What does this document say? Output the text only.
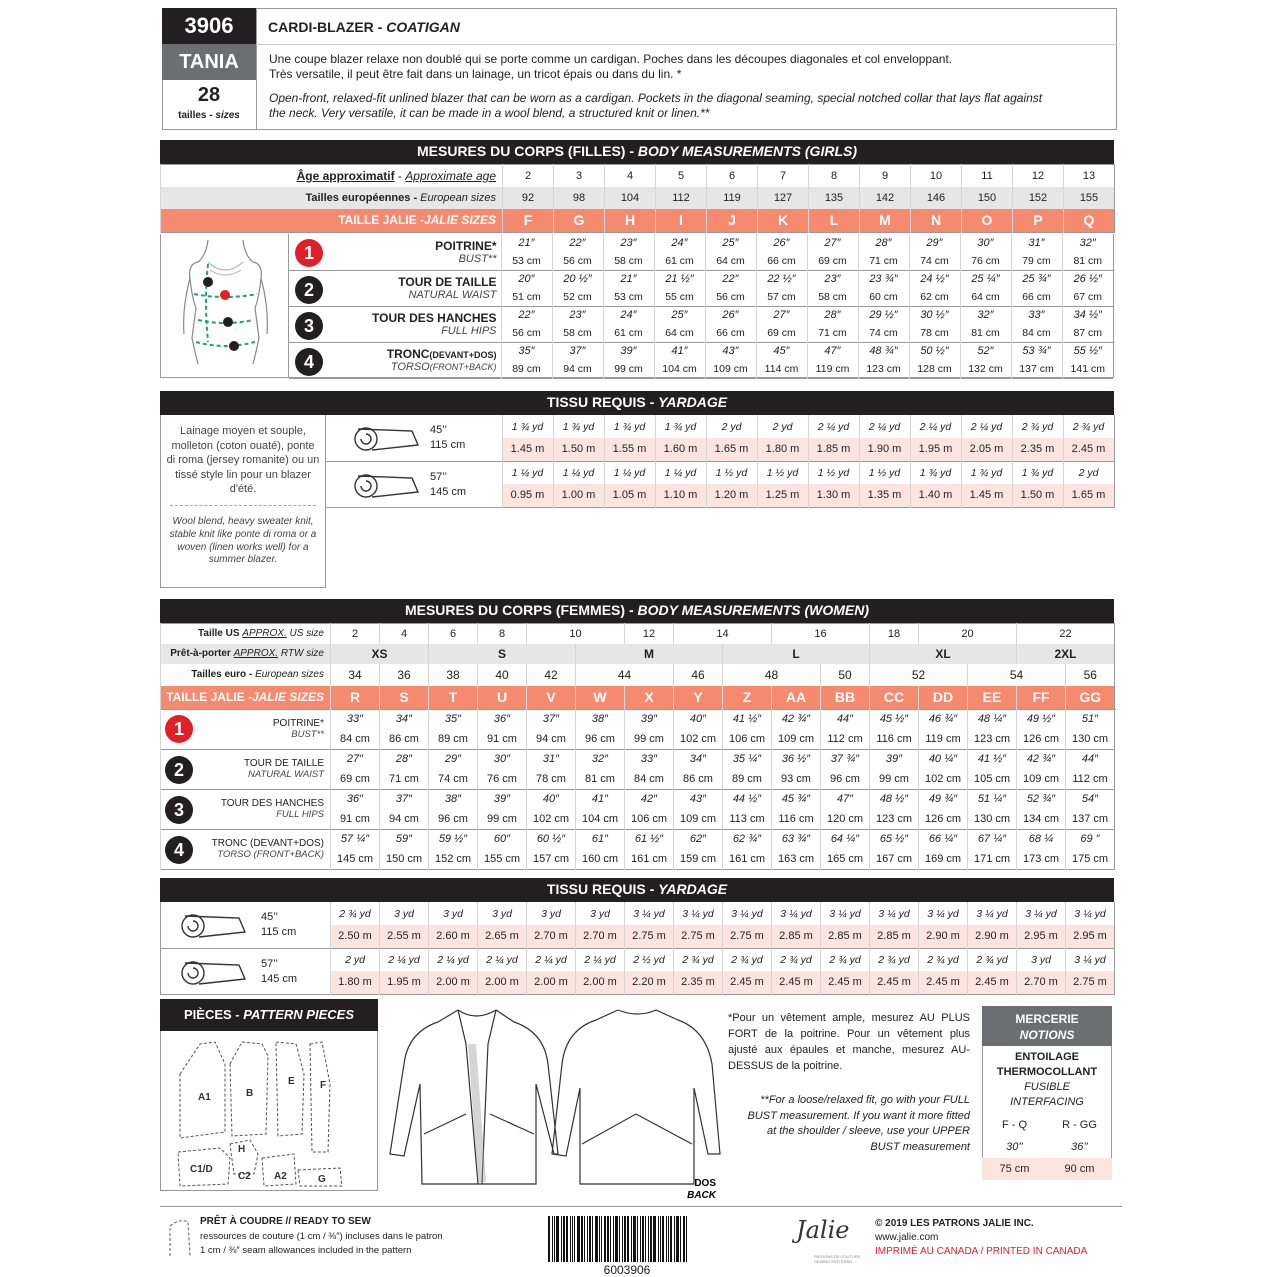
3906
TANIA
28
tailles - sizes
CARDI-BLAZER - COATIGAN
Une coupe blazer relaxe non doublé qui se porte comme un cardigan. Poches dans les découpes diagonales et col enveloppant.
Très versatile, il peut être fait dans un lainage, un tricot épais ou dans du lin. *
Open-front, relaxed-fit unlined blazer that can be worn as a cardigan. Pockets in the diagonal seaming, special notched collar that lays flat against
the neck. Very versatile, it can be made in a wool blend, a structured knit or linen.**
MESURES DU CORPS (FILLES) - BODY MEASUREMENTS (GIRLS)
Âge approximatif - Approximate age	2	3	4	5	6	7	8	9	10	11	12	13
Tailles européennes - European sizes	92	98	104	112	119	127	135	142	146	150	152	155
TAILLE JALIE -JALIE SIZES	F	G	H	I	J	K	L	M	N	O	P	Q
1 POITRINE*
BUST**	21″	22″	23″	24″	25″	26″	27″	28″	29″	30″	31″	32″
	53 cm	56 cm	58 cm	61 cm	64 cm	66 cm	69 cm	71 cm	74 cm	76 cm	79 cm	81 cm

2 TOUR DE TAILLE
NATURAL WAIST	20″	20 ½″	21″	21 ½″	22″	22 ½″	23″	23 ¾″	24 ½″	25 ¼″	25 ¾″	26 ½″
	51 cm	52 cm	53 cm	55 cm	56 cm	57 cm	58 cm	60 cm	62 cm	64 cm	66 cm	67 cm

3 TOUR DES HANCHES
FULL HIPS	22″	23″	24″	25″	26″	27″	28″	29 ½″	30 ½″	32″	33″	34 ½″
	56 cm	58 cm	61 cm	64 cm	66 cm	69 cm	71 cm	74 cm	78 cm	81 cm	84 cm	87 cm

4 TRONC(DEVANT+DOS)
TORSO(FRONT+BACK)	35″	37″	39″	41″	43″	45″	47″	48 ¾″	50 ½″	52″	53 ¾″	55 ½″
	89 cm	94 cm	99 cm	104 cm	109 cm	114 cm	119 cm	123 cm	128 cm	132 cm	137 cm	141 cm
TISSU REQUIS - YARDAGE
Lainage moyen et souple, molleton (coton ouaté), ponte di roma (jersey romanite) ou un tissé style lin pour un blazer d'été.
Wool blend, heavy sweater knit, stable knit like ponte di roma or a woven (linen works well) for a summer blazer.
45’’
115 cm	1 ¾ yd	1 ¾ yd	1 ¾ yd	1 ¾ yd	2 yd	2 yd	2 ¼ yd	2 ¼ yd	2 ¼ yd	2 ¼ yd	2 ¾ yd	2 ¾ yd
	1.45 m	1.50 m	1.55 m	1.60 m	1.65 m	1.80 m	1.85 m	1.90 m	1.95 m	2.05 m	2.35 m	2.45 m

57’’
145 cm	1 ¼ yd	1 ¼ yd	1 ¼ yd	1 ¼ yd	1 ½ yd	1 ½ yd	1 ½ yd	1 ½ yd	1 ¾ yd	1 ¾ yd	1 ¾ yd	2 yd
	0.95 m	1.00 m	1.05 m	1.10 m	1.20 m	1.25 m	1.30 m	1.35 m	1.40 m	1.45 m	1.50 m	1.65 m
MESURES DU CORPS (FEMMES) - BODY MEASUREMENTS (WOMEN)
Taille US APPROX. US size	2	4	6	8	10		12	14		16		18	20		22	
Prêt-à-porter APPROX. RTW size	XS		S			M			L			XL			2XL		
Tailles euro - European sizes	34	36	38	40	42	44		46	48		50	52		54		56	
TAILLE JALIE -JALIE SIZES	R	S	T	U	V	W	X	Y	Z	AA	BB	CC	DD	EE	FF	GG	
1 POITRINE*
BUST**	33″	34″	35″	36″	37″	38″	39″	40″	41 ½″	42 ¾″	44″	45 ½″	46 ¾″	48 ¼″	49 ½″	51″
	84 cm	86 cm	89 cm	91 cm	94 cm	96 cm	99 cm	102 cm	106 cm	109 cm	112 cm	116 cm	119 cm	123 cm	126 cm	130 cm

2 TOUR DE TAILLE
NATURAL WAIST	27″	28″	29″	30″	31″	32″	33″	34″	35 ¼″	36 ½″	37 ¾″	39″	40 ¼″	41 ½″	42 ¾″	44″
	69 cm	71 cm	74 cm	76 cm	78 cm	81 cm	84 cm	86 cm	89 cm	93 cm	96 cm	99 cm	102 cm	105 cm	109 cm	112 cm

3 TOUR DES HANCHES
FULL HIPS	36″	37″	38″	39″	40″	41″	42″	43″	44 ½″	45 ¾″	47″	48 ½″	49 ¾″	51 ¼″	52 ¾″	54″
	91 cm	94 cm	96 cm	99 cm	102 cm	104 cm	106 cm	109 cm	113 cm	116 cm	120 cm	123 cm	126 cm	130 cm	134 cm	137 cm

4 TRONC (DEVANT+DOS)
TORSO (FRONT+BACK)	57 ¼″	59″	59 ½″	60″	60 ½″	61″	61 ½″	62″	62 ¾″	63 ¾″	64 ¼″	65 ½″	66 ¼″	67 ¼″	68 ¼	69 ″
	145 cm	150 cm	152 cm	155 cm	157 cm	160 cm	161 cm	159 cm	161 cm	163 cm	165 cm	167 cm	169 cm	171 cm	173 cm	175 cm
TISSU REQUIS - YARDAGE
45’’
115 cm	2 ¾ yd	3 yd	3 yd	3 yd	3 yd	3 yd	3 ¼ yd	3 ¼ yd	3 ¼ yd	3 ¼ yd	3 ¼ yd	3 ¼ yd	3 ¼ yd	3 ¼ yd	3 ¼ yd	3 ¼ yd
	2.50 m	2.55 m	2.60 m	2.65 m	2.70 m	2.70 m	2.75 m	2.75 m	2.75 m	2.85 m	2.85 m	2.85 m	2.90 m	2.90 m	2.95 m	2.95 m

57’’
145 cm	2 yd	2 ¼ yd	2 ¼ yd	2 ¼ yd	2 ¼ yd	2 ¼ yd	2 ½ yd	2 ¾ yd	2 ¾ yd	2 ¾ yd	2 ¾ yd	2 ¾ yd	2 ¾ yd	2 ¾ yd	3 yd	3 ¼ yd
	1.80 m	1.95 m	2.00 m	2.00 m	2.00 m	2.00 m	2.20 m	2.35 m	2.45 m	2.45 m	2.45 m	2.45 m	2.45 m	2.45 m	2.70 m	2.75 m
PIÈCES - PATTERN PIECES
A1	B
E	F
H
C1/D
C2 A2	G	DOS
BACK
*Pour un vêtement ample, mesurez AU PLUS FORT de la poitrine. Pour un vêtement plus ajusté aux épaules et manche, mesurez AU-DESSUS de la poitrine.
**For a loose/relaxed fit, go with your FULL BUST measurement. If you want it more fitted at the shoulder / sleeve, use your UPPER BUST measurement
MERCERIE
NOTIONS
ENTOILAGE THERMOCOLLANT
FUSIBLE INTERFACING
F - Q	R - GG
30’’	36’’
75 cm	90 cm
PRÊT À COUDRE // READY TO SEW
ressources de couture (1 cm / ⅜″) incluses dans le patron
1 cm / ⅜″ seam allowances included in the pattern
6003906
Jalie
PATRONS DE COUTURE · SEWING PATTERNS
© 2019 LES PATRONS JALIE INC.
www.jalie.com
IMPRIMÉ AU CANADA / PRINTED IN CANADA
